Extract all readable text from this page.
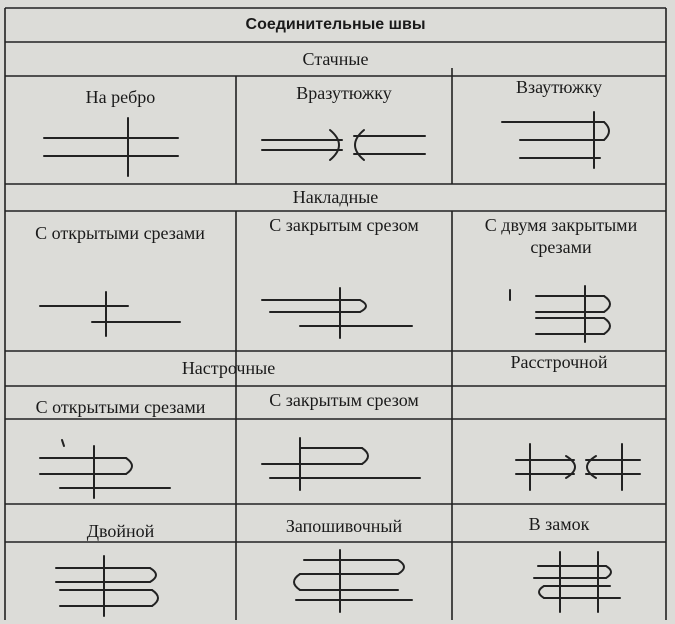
Соединительные швы
Стачные
На ребро	Вразутюжку	Взаутюжку
Накладные
С открытыми срезами	С закрытым срезом	С двумя закрытыми срезами
Настрочные	Расстрочной
С открытыми срезами	С закрытым срезом
Двойной	Запошивочный	В замок
